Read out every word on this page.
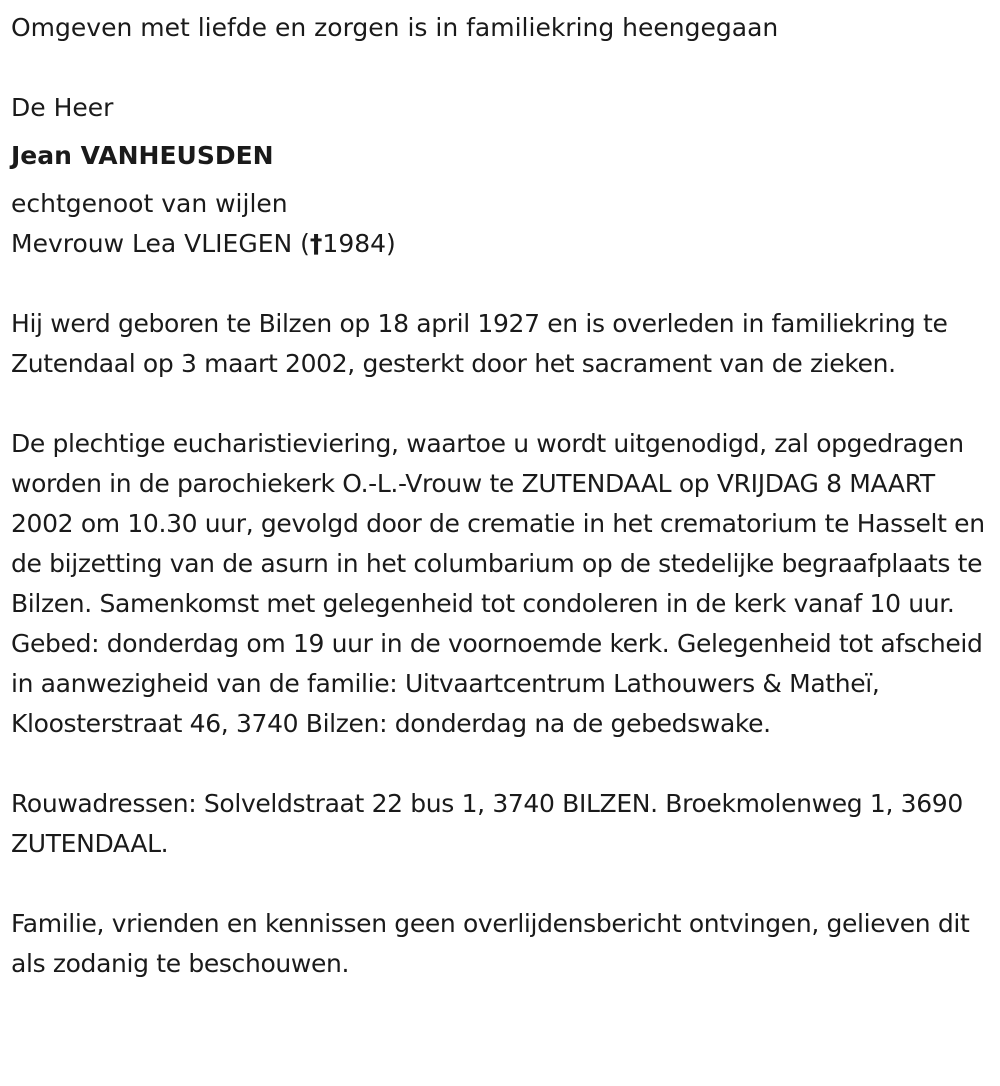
Omgeven met liefde en zorgen is in familiekring heengegaan

De Heer

Jean VANHEUSDEN

echtgenoot van wijlen

Mevrouw Lea VLIEGEN (†1984)

Hij werd geboren te Bilzen op 18 april 1927 en is overleden in familiekring te Zutendaal op 3 maart 2002, gesterkt door het sacrament van de zieken.

De plechtige eucharistieviering, waartoe u wordt uitgenodigd, zal opgedragen worden in de parochiekerk O.-L.-Vrouw te ZUTENDAAL op VRIJDAG 8 MAART 2002 om 10.30 uur, gevolgd door de crematie in het crematorium te Hasselt en de bijzetting van de asurn in het columbarium op de stedelijke begraafplaats te Bilzen. Samenkomst met gelegenheid tot condoleren in de kerk vanaf 10 uur. Gebed: donderdag om 19 uur in de voornoemde kerk. Gelegenheid tot afscheid in aanwezigheid van de familie: Uitvaartcentrum Lathouwers & Matheï, Kloosterstraat 46, 3740 Bilzen: donderdag na de gebedswake.

Rouwadressen: Solveldstraat 22 bus 1, 3740 BILZEN. Broekmolenweg 1, 3690 ZUTENDAAL.

Familie, vrienden en kennissen geen overlijdensbericht ontvingen, gelieven dit als zodanig te beschouwen.
